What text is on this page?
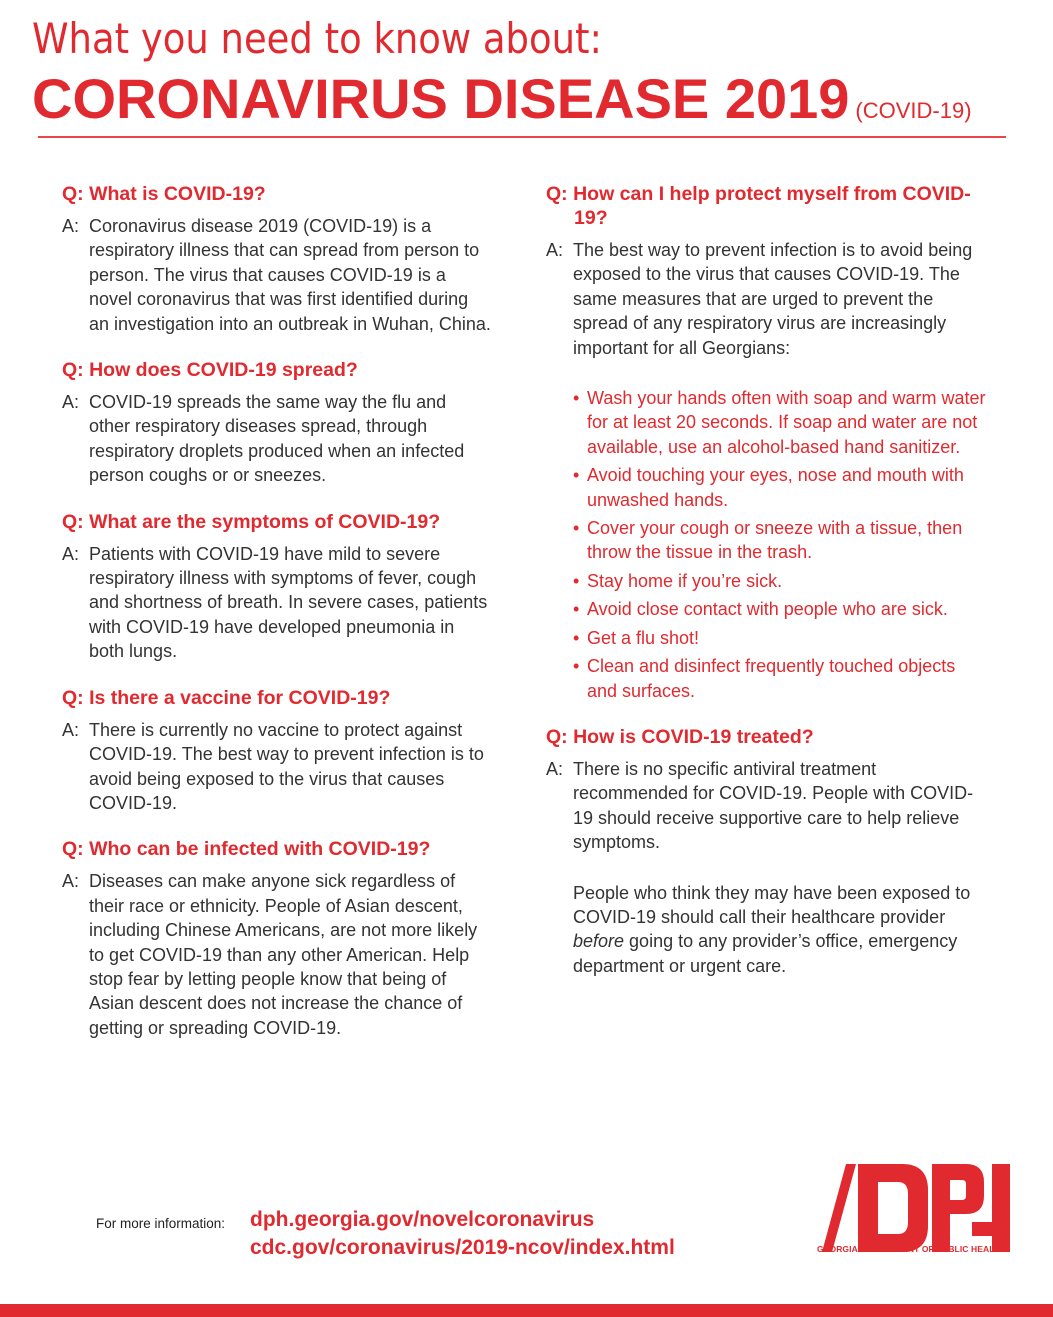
What you need to know about:
CORONAVIRUS DISEASE 2019 (COVID-19)

Q: What is COVID-19?

A: Coronavirus disease 2019 (COVID-19) is a respiratory illness that can spread from person to person. The virus that causes COVID-19 is a novel coronavirus that was first identified during an investigation into an outbreak in Wuhan, China.

Q: How does COVID-19 spread?

A: COVID-19 spreads the same way the flu and other respiratory diseases spread, through respiratory droplets produced when an infected person coughs or or sneezes.

Q: What are the symptoms of COVID-19?

A: Patients with COVID-19 have mild to severe respiratory illness with symptoms of fever, cough and shortness of breath. In severe cases, patients with COVID-19 have developed pneumonia in both lungs.

Q: Is there a vaccine for COVID-19?

A: There is currently no vaccine to protect against COVID-19. The best way to prevent infection is to avoid being exposed to the virus that causes COVID-19.

Q: Who can be infected with COVID-19?

A: Diseases can make anyone sick regardless of their race or ethnicity. People of Asian descent, including Chinese Americans, are not more likely to get COVID-19 than any other American. Help stop fear by letting people know that being of Asian descent does not increase the chance of getting or spreading COVID-19.

Q: How can I help protect myself from COVID-19?

A: The best way to prevent infection is to avoid being exposed to the virus that causes COVID-19. The same measures that are urged to prevent the spread of any respiratory virus are increasingly important for all Georgians:

• Wash your hands often with soap and warm water for at least 20 seconds. If soap and water are not available, use an alcohol-based hand sanitizer.
• Avoid touching your eyes, nose and mouth with unwashed hands.
• Cover your cough or sneeze with a tissue, then throw the tissue in the trash.
• Stay home if you’re sick.
• Avoid close contact with people who are sick.
• Get a flu shot!
• Clean and disinfect frequently touched objects and surfaces.

Q: How is COVID-19 treated?

A: There is no specific antiviral treatment recommended for COVID-19. People with COVID-19 should receive supportive care to help relieve symptoms.

People who think they may have been exposed to COVID-19 should call their healthcare provider before going to any provider’s office, emergency department or urgent care.

For more information: dph.georgia.gov/novelcoronavirus
cdc.gov/coronavirus/2019-ncov/index.html	GEORGIA DEPARTMENT OF PUBLIC HEALTH
